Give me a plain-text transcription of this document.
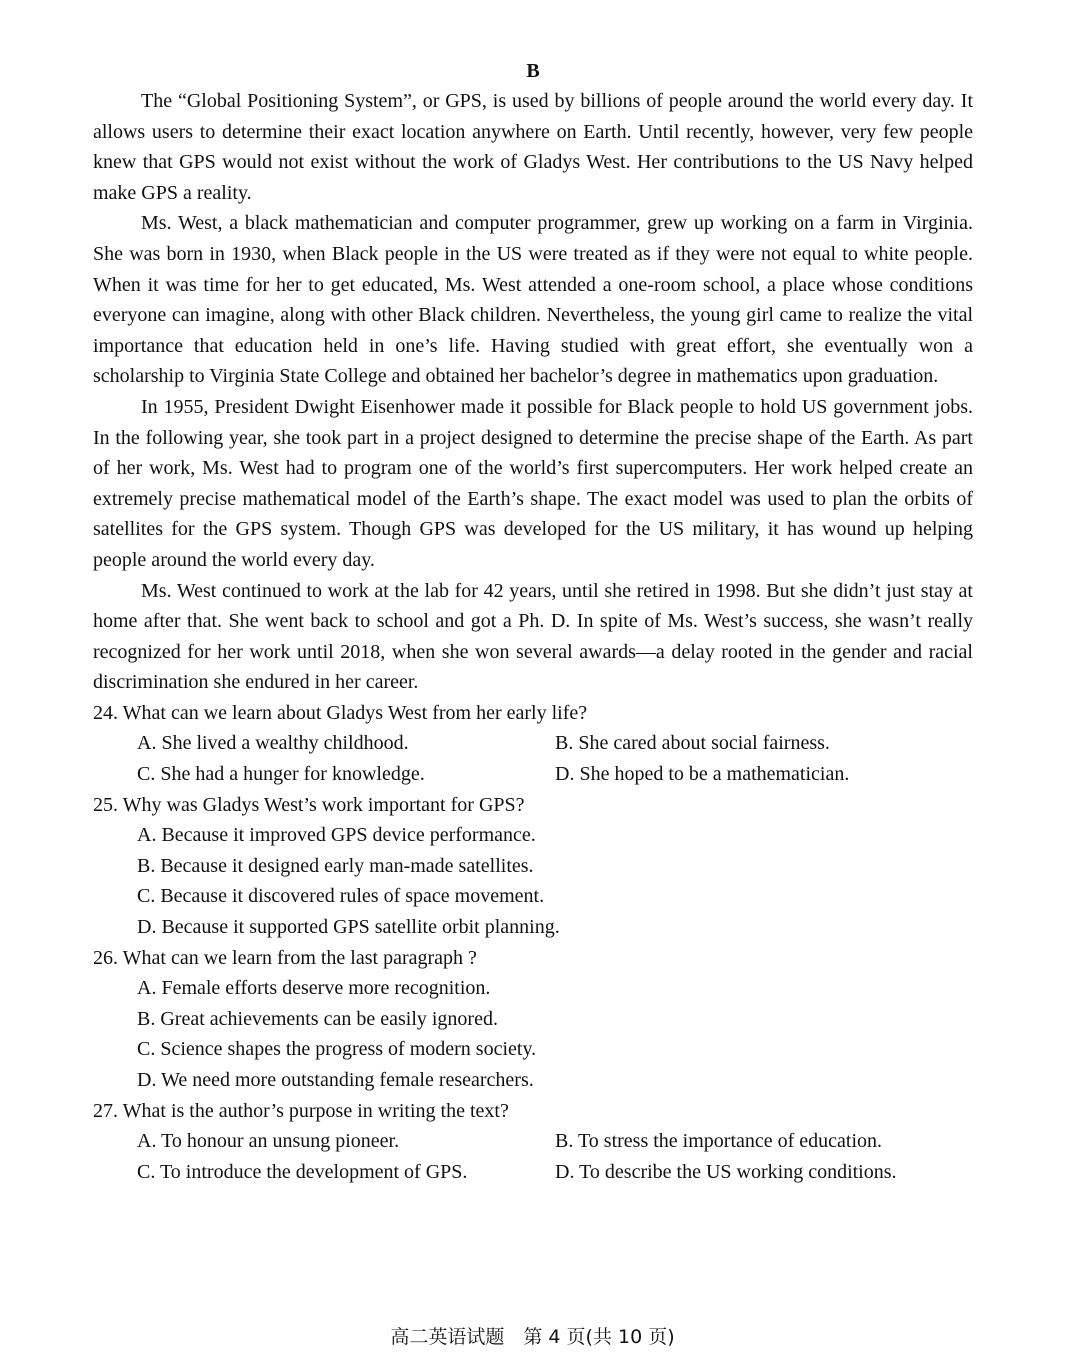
B

The “Global Positioning System”, or GPS, is used by billions of people around the world every day. It allows users to determine their exact location anywhere on Earth. Until recently, however, very few people knew that GPS would not exist without the work of Gladys West. Her contributions to the US Navy helped make GPS a reality.

Ms. West, a black mathematician and computer programmer, grew up working on a farm in Virginia. She was born in 1930, when Black people in the US were treated as if they were not equal to white people. When it was time for her to get educated, Ms. West attended a one-room school, a place whose conditions everyone can imagine, along with other Black children. Nevertheless, the young girl came to realize the vital importance that education held in one’s life. Having studied with great effort, she eventually won a scholarship to Virginia State College and obtained her bachelor’s degree in mathematics upon graduation.

In 1955, President Dwight Eisenhower made it possible for Black people to hold US government jobs. In the following year, she took part in a project designed to determine the precise shape of the Earth. As part of her work, Ms. West had to program one of the world’s first supercomputers. Her work helped create an extremely precise mathematical model of the Earth’s shape. The exact model was used to plan the orbits of satellites for the GPS system. Though GPS was developed for the US military, it has wound up helping people around the world every day.

Ms. West continued to work at the lab for 42 years, until she retired in 1998. But she didn’t just stay at home after that. She went back to school and got a Ph. D. In spite of Ms. West’s success, she wasn’t really recognized for her work until 2018, when she won several awards—a delay rooted in the gender and racial discrimination she endured in her career.

24. What can we learn about Gladys West from her early life?
A. She lived a wealthy childhood.	B. She cared about social fairness.
C. She had a hunger for knowledge.	D. She hoped to be a mathematician.
25. Why was Gladys West’s work important for GPS?
A. Because it improved GPS device performance.
B. Because it designed early man-made satellites.
C. Because it discovered rules of space movement.
D. Because it supported GPS satellite orbit planning.
26. What can we learn from the last paragraph ?
A. Female efforts deserve more recognition.
B. Great achievements can be easily ignored.
C. Science shapes the progress of modern society.
D. We need more outstanding female researchers.
27. What is the author’s purpose in writing the text?
A. To honour an unsung pioneer.	B. To stress the importance of education.
C. To introduce the development of GPS.	D. To describe the US working conditions.
高二英语试题　第 4 页(共 10 页)
